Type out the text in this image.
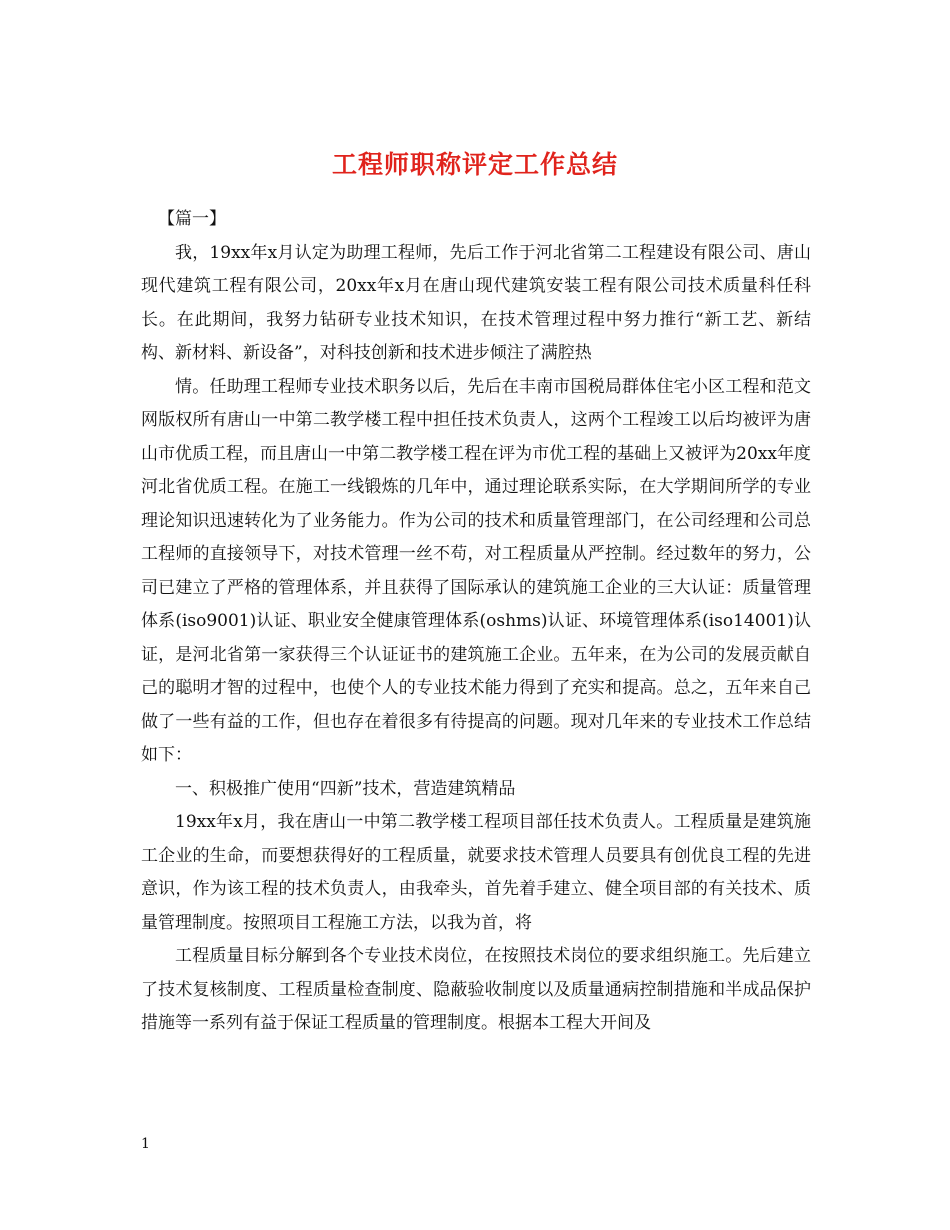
工程师职称评定工作总结

【篇一】

我，19xx年x月认定为助理工程师，先后工作于河北省第二工程建设有限公司、唐山现代建筑工程有限公司，20xx年x月在唐山现代建筑安装工程有限公司技术质量科任科长。在此期间，我努力钻研专业技术知识，在技术管理过程中努力推行“新工艺、新结构、新材料、新设备”，对科技创新和技术进步倾注了满腔热

情。任助理工程师专业技术职务以后，先后在丰南市国税局群体住宅小区工程和范文网版权所有唐山一中第二教学楼工程中担任技术负责人，这两个工程竣工以后均被评为唐山市优质工程，而且唐山一中第二教学楼工程在评为市优工程的基础上又被评为20xx年度河北省优质工程。在施工一线锻炼的几年中，通过理论联系实际，在大学期间所学的专业理论知识迅速转化为了业务能力。作为公司的技术和质量管理部门，在公司经理和公司总工程师的直接领导下，对技术管理一丝不苟，对工程质量从严控制。经过数年的努力，公司已建立了严格的管理体系，并且获得了国际承认的建筑施工企业的三大认证：质量管理体系(iso9001)认证、职业安全健康管理体系(oshms)认证、环境管理体系(iso14001)认证，是河北省第一家获得三个认证证书的建筑施工企业。五年来，在为公司的发展贡献自己的聪明才智的过程中，也使个人的专业技术能力得到了充实和提高。总之，五年来自己做了一些有益的工作，但也存在着很多有待提高的问题。现对几年来的专业技术工作总结如下：

一、积极推广使用“四新”技术，营造建筑精品

19xx年x月，我在唐山一中第二教学楼工程项目部任技术负责人。工程质量是建筑施工企业的生命，而要想获得好的工程质量，就要求技术管理人员要具有创优良工程的先进意识，作为该工程的技术负责人，由我牵头，首先着手建立、健全项目部的有关技术、质量管理制度。按照项目工程施工方法，以我为首，将

工程质量目标分解到各个专业技术岗位，在按照技术岗位的要求组织施工。先后建立了技术复核制度、工程质量检查制度、隐蔽验收制度以及质量通病控制措施和半成品保护措施等一系列有益于保证工程质量的管理制度。根据本工程大开间及

1
